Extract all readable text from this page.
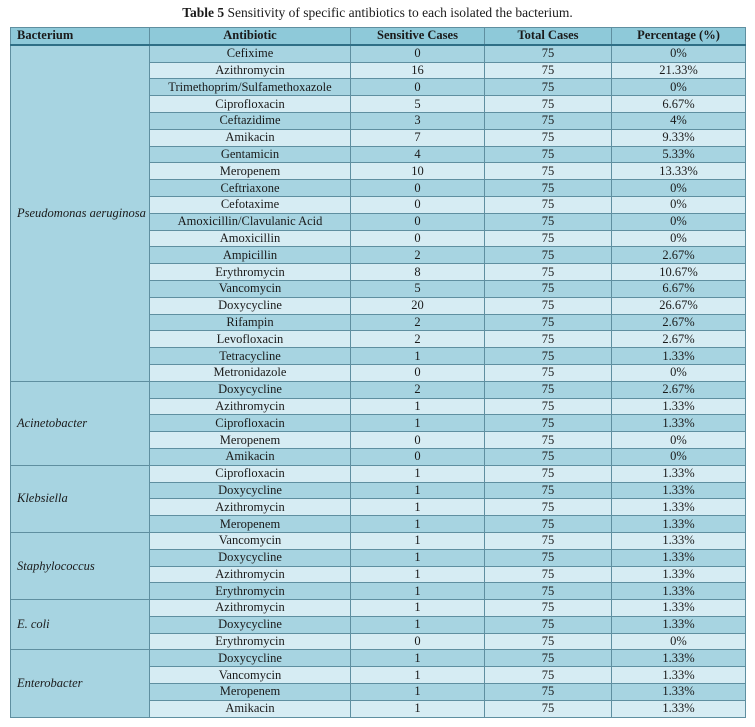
Table 5 Sensitivity of specific antibiotics to each isolated the bacterium.
Bacterium	Antibiotic	Sensitive Cases	Total Cases	Percentage (%)
Pseudomonas aeruginosa	Cefixime	0	75	0%
	Azithromycin	16	75	21.33%
	Trimethoprim/Sulfamethoxazole	0	75	0%
	Ciprofloxacin	5	75	6.67%
	Ceftazidime	3	75	4%
	Amikacin	7	75	9.33%
	Gentamicin	4	75	5.33%
	Meropenem	10	75	13.33%
	Ceftriaxone	0	75	0%
	Cefotaxime	0	75	0%
	Amoxicillin/Clavulanic Acid	0	75	0%
	Amoxicillin	0	75	0%
	Ampicillin	2	75	2.67%
	Erythromycin	8	75	10.67%
	Vancomycin	5	75	6.67%
	Doxycycline	20	75	26.67%
	Rifampin	2	75	2.67%
	Levofloxacin	2	75	2.67%
	Tetracycline	1	75	1.33%
	Metronidazole	0	75	0%
Acinetobacter	Doxycycline	2	75	2.67%
	Azithromycin	1	75	1.33%
	Ciprofloxacin	1	75	1.33%
	Meropenem	0	75	0%
	Amikacin	0	75	0%
Klebsiella	Ciprofloxacin	1	75	1.33%
	Doxycycline	1	75	1.33%
	Azithromycin	1	75	1.33%
	Meropenem	1	75	1.33%
Staphylococcus	Vancomycin	1	75	1.33%
	Doxycycline	1	75	1.33%
	Azithromycin	1	75	1.33%
	Erythromycin	1	75	1.33%
E. coli	Azithromycin	1	75	1.33%
	Doxycycline	1	75	1.33%
	Erythromycin	0	75	0%
Enterobacter	Doxycycline	1	75	1.33%
	Vancomycin	1	75	1.33%
	Meropenem	1	75	1.33%
	Amikacin	1	75	1.33%
